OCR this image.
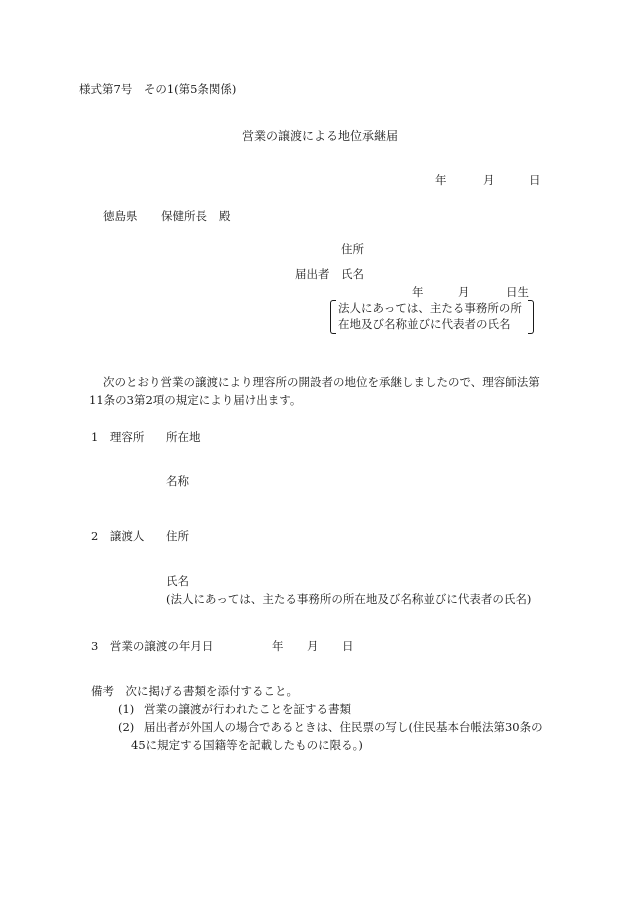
様式第7号　その1(第5条関係)
営業の譲渡による地位承継届
年	月	日
徳島県 保健所長 殿
住所
届出者 氏名
年	月	日生
法人にあっては、主たる事務所の所
在地及び名称並びに代表者の氏名
次のとおり営業の譲渡により理容所の開設者の地位を承継しましたので、理容師法第
11条の3第2項の規定により届け出ます。
1　理容所 所在地
名称
2　譲渡人 住所
氏名
(法人にあっては、主たる事務所の所在地及び名称並びに代表者の氏名)
3　営業の譲渡の年月日	年 月 日
備考　次に掲げる書類を添付すること。
(1) 営業の譲渡が行われたことを証する書類
(2) 届出者が外国人の場合であるときは、住民票の写し(住民基本台帳法第30条の
45に規定する国籍等を記載したものに限る。)
